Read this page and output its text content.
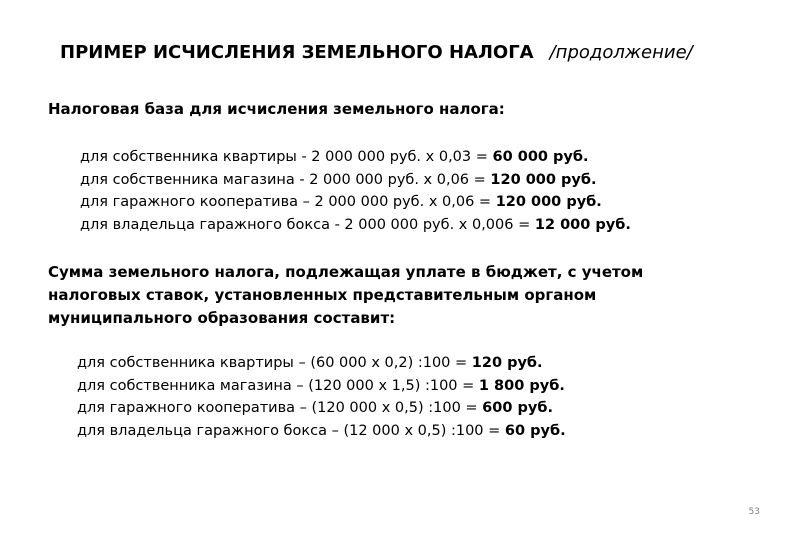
ПРИМЕР ИСЧИСЛЕНИЯ ЗЕМЕЛЬНОГО НАЛОГА /продолжение/
Налоговая база для исчисления земельного налога:
для собственника квартиры - 2 000 000 руб. х 0,03 = 60 000 руб.
для собственника магазина - 2 000 000 руб. х 0,06 = 120 000 руб.
для гаражного кооператива – 2 000 000 руб. х 0,06 = 120 000 руб.
для владельца гаражного бокса - 2 000 000 руб. х 0,006 = 12 000 руб.
Сумма земельного налога, подлежащая уплате в бюджет, с учетом
налоговых ставок, установленных представительным органом
муниципального образования составит:
для собственника квартиры – (60 000 х 0,2) :100 = 120 руб.
для собственника магазина – (120 000 х 1,5) :100 = 1 800 руб.
для гаражного кооператива – (120 000 х 0,5) :100 = 600 руб.
для владельца гаражного бокса – (12 000 х 0,5) :100 = 60 руб.
53
